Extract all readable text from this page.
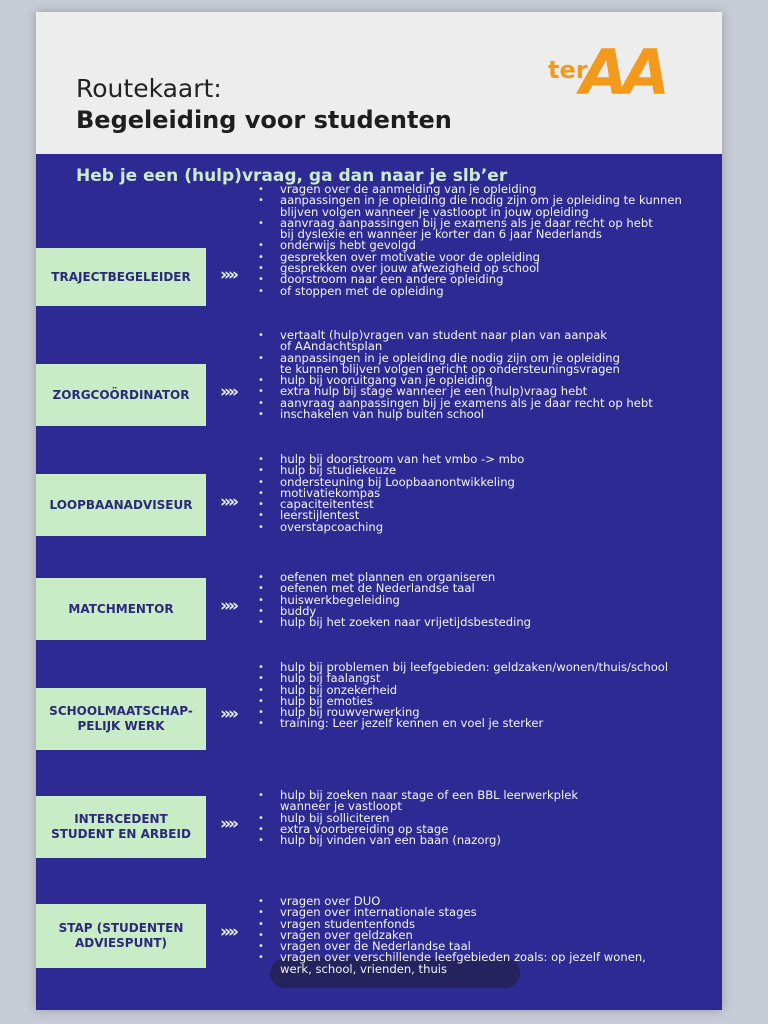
Routekaart:
Begeleiding voor studenten
ter
AA
Heb je een (hulp)vraag, ga dan naar je slb’er
TRAJECTBEGELEIDER »»
• vragen over de aanmelding van je opleiding
• aanpassingen in je opleiding die nodig zijn om je opleiding te kunnen
blijven volgen wanneer je vastloopt in jouw opleiding
• aanvraag aanpassingen bij je examens als je daar recht op hebt
bij dyslexie en wanneer je korter dan 6 jaar Nederlands
• onderwijs hebt gevolgd
• gesprekken over motivatie voor de opleiding
• gesprekken over jouw afwezigheid op school
• doorstroom naar een andere opleiding
• of stoppen met de opleiding
ZORGCOÖRDINATOR »»
• vertaalt (hulp)vragen van student naar plan van aanpak
of AAndachtsplan
• aanpassingen in je opleiding die nodig zijn om je opleiding
te kunnen blijven volgen gericht op ondersteuningsvragen
• hulp bij vooruitgang van je opleiding
• extra hulp bij stage wanneer je een (hulp)vraag hebt
• aanvraag aanpassingen bij je examens als je daar recht op hebt
• inschakelen van hulp buiten school
LOOPBAANADVISEUR »»
• hulp bij doorstroom van het vmbo -> mbo
• hulp bij studiekeuze
• ondersteuning bij Loopbaanontwikkeling
• motivatiekompas
• capaciteitentest
• leerstijlentest
• overstapcoaching
MATCHMENTOR	»»
• oefenen met plannen en organiseren
• oefenen met de Nederlandse taal
• huiswerkbegeleiding
• buddy
• hulp bij het zoeken naar vrijetijdsbesteding
SCHOOLMAATSCHAP-
PELIJK WERK
»»
• hulp bij problemen bij leefgebieden: geldzaken/wonen/thuis/school
• hulp bij faalangst
• hulp bij onzekerheid
• hulp bij emoties
• hulp bij rouwverwerking
• training: Leer jezelf kennen en voel je sterker
INTERCEDENT
STUDENT EN ARBEID »»
• hulp bij zoeken naar stage of een BBL leerwerkplek
wanneer je vastloopt
• hulp bij solliciteren
• extra voorbereiding op stage
• hulp bij vinden van een baan (nazorg)
STAP (STUDENTEN
ADVIESPUNT)
»»
• vragen over DUO
• vragen over internationale stages
• vragen studentenfonds
• vragen over geldzaken
• vragen over de Nederlandse taal
• vragen over verschillende leefgebieden zoals: op jezelf wonen,
werk, school, vrienden, thuis
